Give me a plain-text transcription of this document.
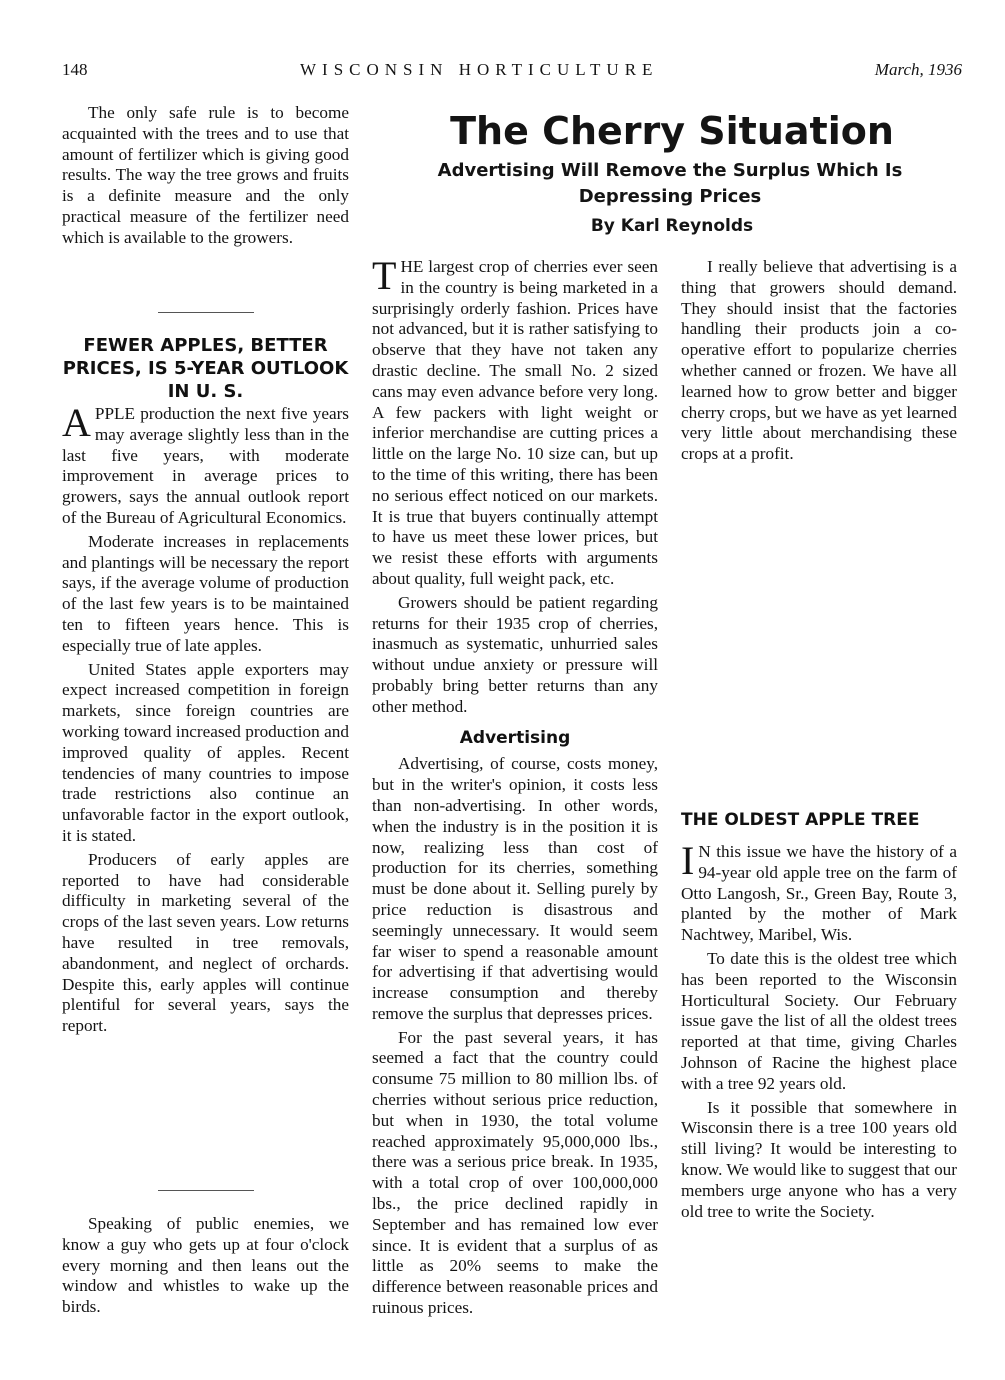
148	WISCONSIN HORTICULTURE	March, 1936

The only safe rule is to become acquainted with the trees and to use that amount of fertilizer which is giving good results. The way the tree grows and fruits is a definite measure and the only practical measure of the fertilizer need which is available to the growers.

FEWER APPLES, BETTER PRICES, IS 5-YEAR OUTLOOK IN U. S.

APPLE production the next five years may average slightly less than in the last five years, with moderate improvement in average prices to growers, says the annual outlook report of the Bureau of Agricultural Economics.

Moderate increases in replacements and plantings will be necessary the report says, if the average volume of production of the last few years is to be maintained ten to fifteen years hence. This is especially true of late apples.

United States apple exporters may expect increased competition in foreign markets, since foreign countries are working toward increased production and improved quality of apples. Recent tendencies of many countries to impose trade restrictions also continue an unfavorable factor in the export outlook, it is stated.

Producers of early apples are reported to have had considerable difficulty in marketing several of the crops of the last seven years. Low returns have resulted in tree removals, abandonment, and neglect of orchards. Despite this, early apples will continue plentiful for several years, says the report.

Speaking of public enemies, we know a guy who gets up at four o'clock every morning and then leans out the window and whistles to wake up the birds.

The Cherry Situation
Advertising Will Remove the Surplus Which Is Depressing Prices
By Karl Reynolds

THE largest crop of cherries ever seen in the country is being marketed in a surprisingly orderly fashion. Prices have not advanced, but it is rather satisfying to observe that they have not taken any drastic decline. The small No. 2 sized cans may even advance before very long. A few packers with light weight or inferior merchandise are cutting prices a little on the large No. 10 size can, but up to the time of this writing, there has been no serious effect noticed on our markets. It is true that buyers continually attempt to have us meet these lower prices, but we resist these efforts with arguments about quality, full weight pack, etc.

Growers should be patient regarding returns for their 1935 crop of cherries, inasmuch as systematic, unhurried sales without undue anxiety or pressure will probably bring better returns than any other method.

Advertising

Advertising, of course, costs money, but in the writer's opinion, it costs less than non-advertising. In other words, when the industry is in the position it is now, realizing less than cost of production for its cherries, something must be done about it. Selling purely by price reduction is disastrous and seemingly unnecessary. It would seem far wiser to spend a reasonable amount for advertising if that advertising would increase consumption and thereby remove the surplus that depresses prices.

For the past several years, it has seemed a fact that the country could consume 75 million to 80 million lbs. of cherries without serious price reduction, but when in 1930, the total volume reached approximately 95,000,000 lbs., there was a serious price break. In 1935, with a total crop of over 100,000,000 lbs., the price declined rapidly in September and has remained low ever since. It is evident that a surplus of as little as 20% seems to make the difference between reasonable prices and ruinous prices.

I really believe that advertising is a thing that growers should demand. They should insist that the factories handling their products join a co-operative effort to popularize cherries whether canned or frozen. We have all learned how to grow better and bigger cherry crops, but we have as yet learned very little about merchandising these crops at a profit.

THE OLDEST APPLE TREE

I N this issue we have the history of a 94-year old apple tree on the farm of Otto Langosh, Sr., Green Bay, Route 3, planted by the mother of Mark Nachtwey, Maribel, Wis.

To date this is the oldest tree which has been reported to the Wisconsin Horticultural Society. Our February issue gave the list of all the oldest trees reported at that time, giving Charles Johnson of Racine the highest place with a tree 92 years old.

Is it possible that somewhere in Wisconsin there is a tree 100 years old still living? It would be interesting to know. We would like to suggest that our members urge anyone who has a very old tree to write the Society.
